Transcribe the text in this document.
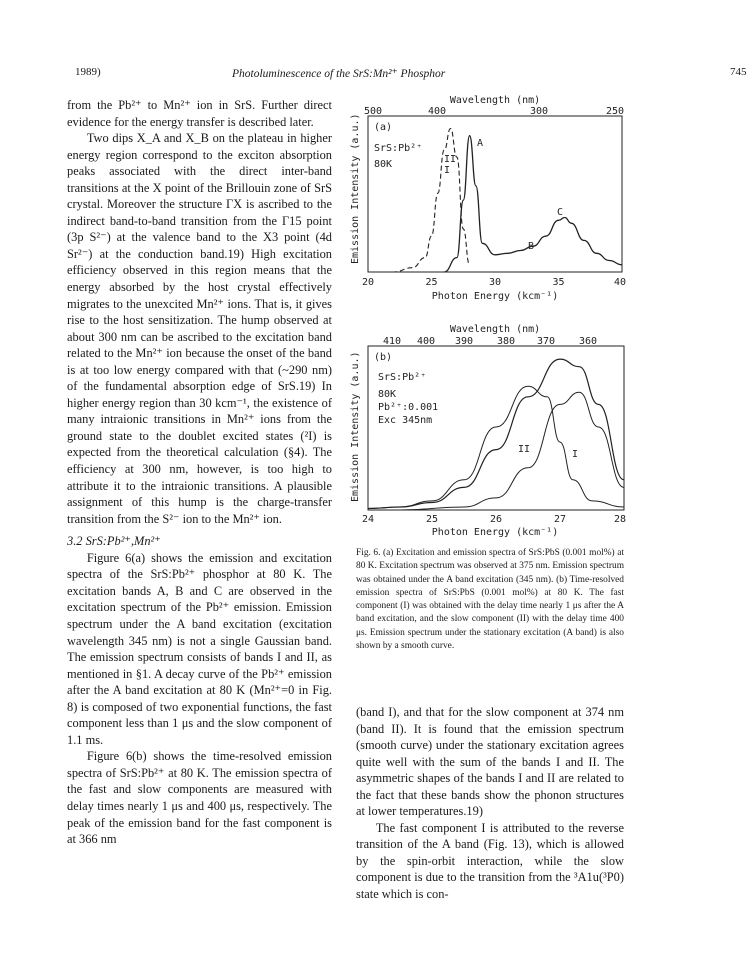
1989)	Photoluminescence of the SrS:Mn²⁺ Phosphor	745

from the Pb²⁺ to Mn²⁺ ion in SrS. Further direct evidence for the energy transfer is described later.

Two dips X_A and X_B on the plateau in higher energy region correspond to the exciton absorption peaks associated with the direct inter-band transitions at the X point of the Brillouin zone of SrS crystal. Moreover the structure ΓX is ascribed to the indirect band-to-band transition from the Γ15 point (3p S²⁻) at the valence band to the X3 point (4d Sr²⁻) at the conduction band.19) High excitation efficiency observed in this region means that the energy absorbed by the host crystal effectively migrates to the unexcited Mn²⁺ ions. That is, it gives rise to the host sensitization. The hump observed at about 300 nm can be ascribed to the excitation band related to the Mn²⁺ ion because the onset of the band is at too low energy compared with that (~290 nm) of the fundamental absorption edge of SrS.19) In higher energy region than 30 kcm⁻¹, the existence of many intraionic transitions in Mn²⁺ ions from the ground state to the doublet excited states (²I) is expected from the theoretical calculation (§4). The efficiency at 300 nm, however, is too high to attribute it to the intraionic transitions. A plausible assignment of this hump is the charge-transfer transition from the S²⁻ ion to the Mn²⁺ ion.

3.2 SrS:Pb²⁺,Mn²⁺

Figure 6(a) shows the emission and excitation spectra of the SrS:Pb²⁺ phosphor at 80 K. The excitation bands A, B and C are observed in the excitation spectrum of the Pb²⁺ emission. Emission spectrum under the A band excitation (excitation wavelength 345 nm) is not a single Gaussian band. The emission spectrum consists of bands I and II, as mentioned in §1. A decay curve of the Pb²⁺ emission after the A band excitation at 80 K (Mn²⁺=0 in Fig. 8) is composed of two exponential functions, the fast component less than 1 μs and the slow component of 1.1 ms.

Figure 6(b) shows the time-resolved emission spectra of SrS:Pb²⁺ at 80 K. The emission spectra of the fast and slow components are measured with delay times nearly 1 μs and 400 μs, respectively. The peak of the emission band for the fast component is at 366 nm

Wavelength (nm)
500	400	300	250
20	25	30	35	40
Photon Energy (kcm⁻¹)
Emission Intensity (a.u.) (a)
SrS:Pb²⁺
80K
A
B
C
II
I
Wavelength (nm)
410 400 390 380 370 360
24	25	26	27	28
Photon Energy (kcm⁻¹)
Emission Intensity (a.u.) (b)
SrS:Pb²⁺
80K
Pb²⁺:0.001
Exc 345nm
II	I
Fig. 6. (a) Excitation and emission spectra of SrS:PbS (0.001 mol%) at 80 K. Excitation spectrum was observed at 375 nm. Emission spectrum was obtained under the A band excitation (345 nm). (b) Time-resolved emission spectra of SrS:PbS (0.001 mol%) at 80 K. The fast component (I) was obtained with the delay time nearly 1 μs after the A band excitation, and the slow component (II) with the delay time 400 μs. Emission spectrum under the stationary excitation (A band) is also shown by a smooth curve.

(band I), and that for the slow component at 374 nm (band II). It is found that the emission spectrum (smooth curve) under the stationary excitation agrees quite well with the sum of the bands I and II. The asymmetric shapes of the bands I and II are related to the fact that these bands show the phonon structures at lower temperatures.19)

The fast component I is attributed to the reverse transition of the A band (Fig. 13), which is allowed by the spin-orbit interaction, while the slow component is due to the transition from the ³A1u(³P0) state which is con-
